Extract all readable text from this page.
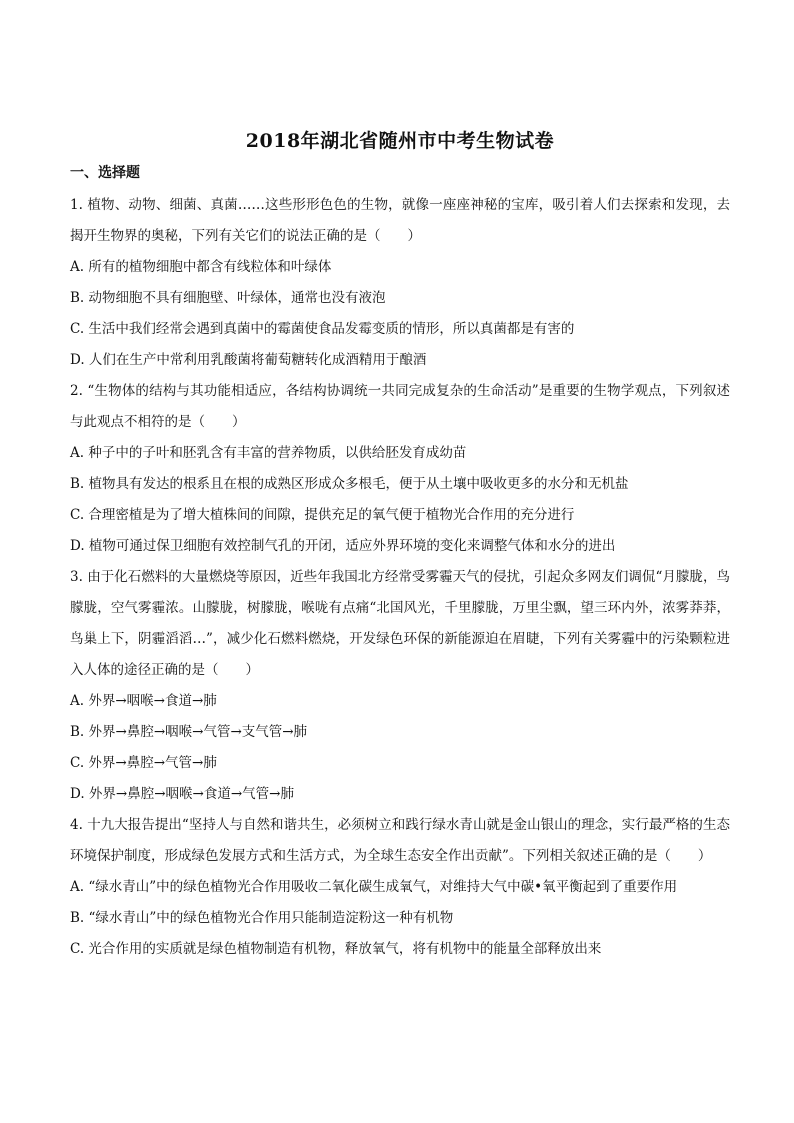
2018年湖北省随州市中考生物试卷
一、选择题

1. 植物、动物、细菌、真菌……这些形形色色的生物，就像一座座神秘的宝库，吸引着人们去探索和发现，去揭开生物界的奥秘，下列有关它们的说法正确的是（　　）

A. 所有的植物细胞中都含有线粒体和叶绿体

B. 动物细胞不具有细胞壁、叶绿体，通常也没有液泡

C. 生活中我们经常会遇到真菌中的霉菌使食品发霉变质的情形，所以真菌都是有害的

D. 人们在生产中常利用乳酸菌将葡萄糖转化成酒精用于酿酒

2. “生物体的结构与其功能相适应，各结构协调统一共同完成复杂的生命活动”是重要的生物学观点，下列叙述与此观点不相符的是（　　）

A. 种子中的子叶和胚乳含有丰富的营养物质，以供给胚发育成幼苗

B. 植物具有发达的根系且在根的成熟区形成众多根毛，便于从土壤中吸收更多的水分和无机盐

C. 合理密植是为了增大植株间的间隙，提供充足的氧气便于植物光合作用的充分进行

D. 植物可通过保卫细胞有效控制气孔的开闭，适应外界环境的变化来调整气体和水分的进出

3. 由于化石燃料的大量燃烧等原因，近些年我国北方经常受雾霾天气的侵扰，引起众多网友们调侃“月朦胧，鸟朦胧，空气雾霾浓。山朦胧，树朦胧，喉咙有点痛“北国风光，千里朦胧，万里尘飘，望三环内外，浓雾莽莽，鸟巢上下，阴霾滔滔…”，减少化石燃料燃烧，开发绿色环保的新能源迫在眉睫，下列有关雾霾中的污染颗粒进入人体的途径正确的是（　　）

A. 外界→咽喉→食道→肺

B. 外界→鼻腔→咽喉→气管→支气管→肺

C. 外界→鼻腔→气管→肺

D. 外界→鼻腔→咽喉→食道→气管→肺

4. 十九大报告提出“坚持人与自然和谐共生，必须树立和践行绿水青山就是金山银山的理念，实行最严格的生态环境保护制度，形成绿色发展方式和生活方式，为全球生态安全作出贡献”。下列相关叙述正确的是（　　）

A. “绿水青山”中的绿色植物光合作用吸收二氧化碳生成氧气，对维持大气中碳•氧平衡起到了重要作用

B. “绿水青山”中的绿色植物光合作用只能制造淀粉这一种有机物

C. 光合作用的实质就是绿色植物制造有机物，释放氧气，将有机物中的能量全部释放出来
